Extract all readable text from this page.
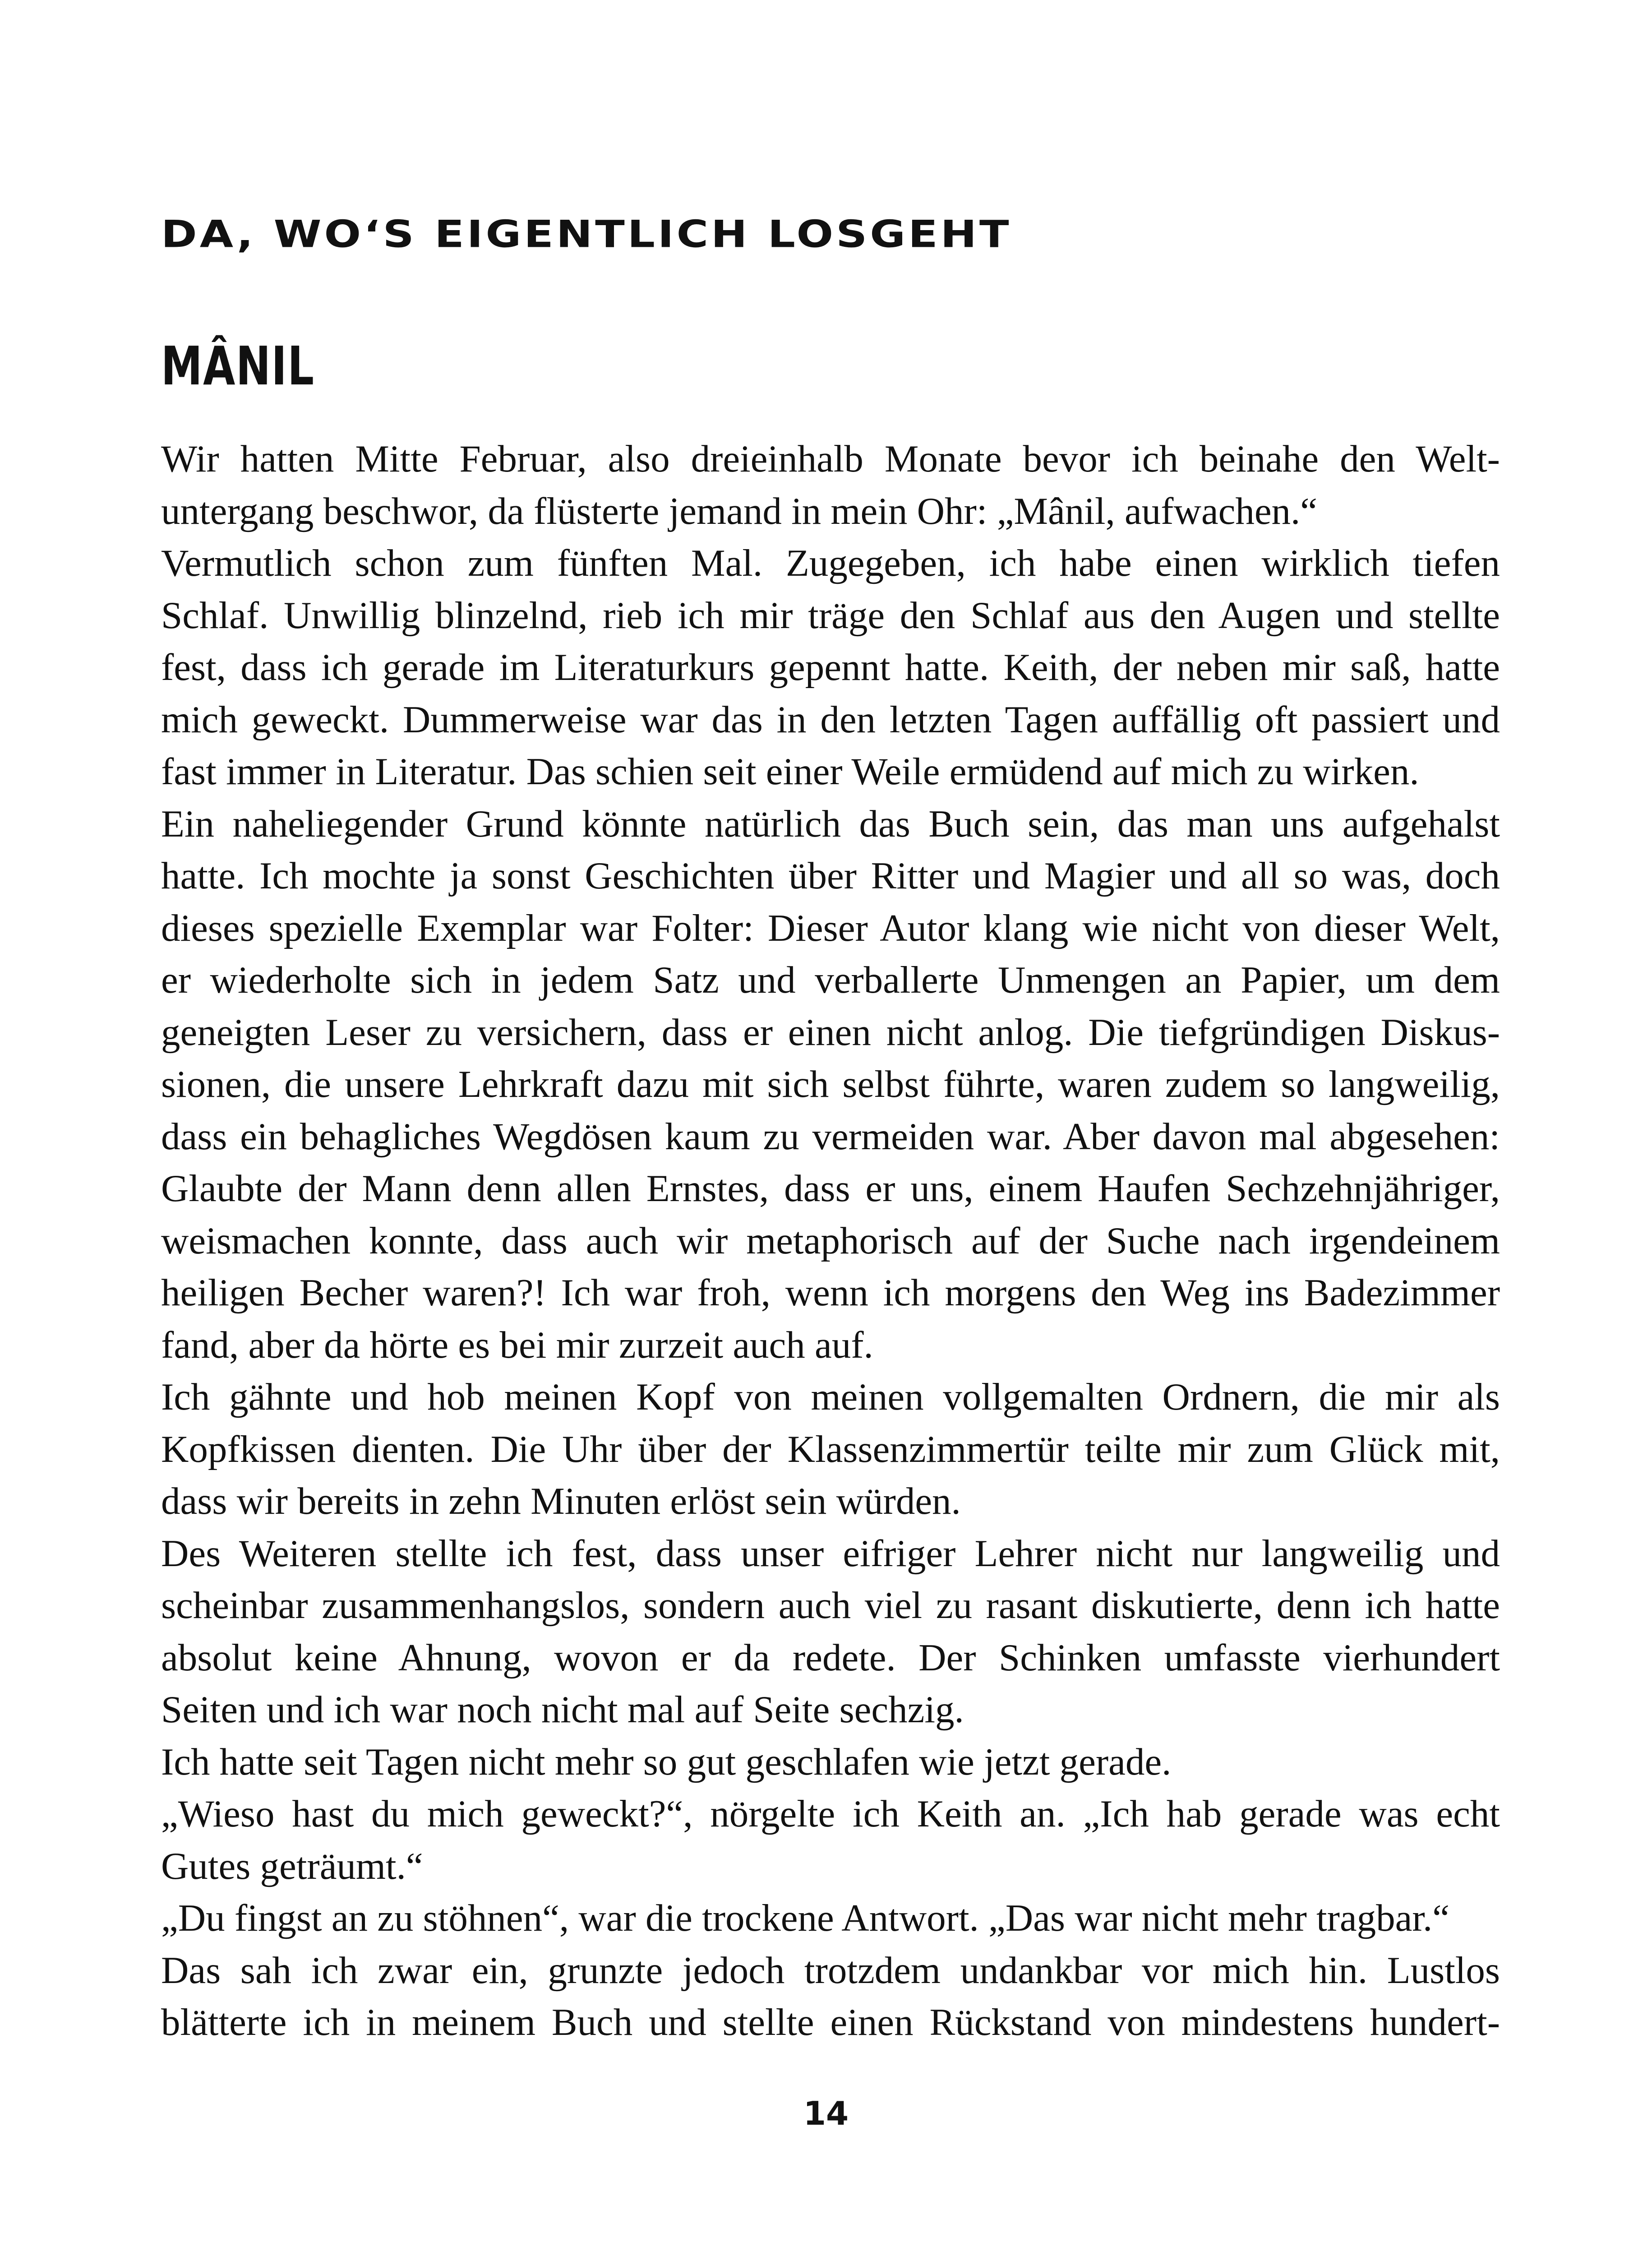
DA, WO‘S EIGENTLICH LOSGEHT
MÂNIL
Wir hatten Mitte Februar, also dreieinhalb Monate bevor ich beinahe den Welt-
untergang beschwor, da flüsterte jemand in mein Ohr: „Mânil, aufwachen.“
Vermutlich schon zum fünften Mal. Zugegeben, ich habe einen wirklich tiefen
Schlaf. Unwillig blinzelnd, rieb ich mir träge den Schlaf aus den Augen und stellte
fest, dass ich gerade im Literaturkurs gepennt hatte. Keith, der neben mir saß, hatte
mich geweckt. Dummerweise war das in den letzten Tagen auffällig oft passiert und
fast immer in Literatur. Das schien seit einer Weile ermüdend auf mich zu wirken.
Ein naheliegender Grund könnte natürlich das Buch sein, das man uns aufgehalst
hatte. Ich mochte ja sonst Geschichten über Ritter und Magier und all so was, doch
dieses spezielle Exemplar war Folter: Dieser Autor klang wie nicht von dieser Welt,
er wiederholte sich in jedem Satz und verballerte Unmengen an Papier, um dem
geneigten Leser zu versichern, dass er einen nicht anlog. Die tiefgründigen Diskus-
sionen, die unsere Lehrkraft dazu mit sich selbst führte, waren zudem so langweilig,
dass ein behagliches Wegdösen kaum zu vermeiden war. Aber davon mal abgesehen:
Glaubte der Mann denn allen Ernstes, dass er uns, einem Haufen Sechzehnjähriger,
weismachen konnte, dass auch wir metaphorisch auf der Suche nach irgendeinem
heiligen Becher waren?! Ich war froh, wenn ich morgens den Weg ins Badezimmer
fand, aber da hörte es bei mir zurzeit auch auf.
Ich gähnte und hob meinen Kopf von meinen vollgemalten Ordnern, die mir als
Kopfkissen dienten. Die Uhr über der Klassenzimmertür teilte mir zum Glück mit,
dass wir bereits in zehn Minuten erlöst sein würden.
Des Weiteren stellte ich fest, dass unser eifriger Lehrer nicht nur langweilig und
scheinbar zusammenhangslos, sondern auch viel zu rasant diskutierte, denn ich hatte
absolut keine Ahnung, wovon er da redete. Der Schinken umfasste vierhundert
Seiten und ich war noch nicht mal auf Seite sechzig.
Ich hatte seit Tagen nicht mehr so gut geschlafen wie jetzt gerade.
„Wieso hast du mich geweckt?“, nörgelte ich Keith an. „Ich hab gerade was echt
Gutes geträumt.“
„Du fingst an zu stöhnen“, war die trockene Antwort. „Das war nicht mehr tragbar.“
Das sah ich zwar ein, grunzte jedoch trotzdem undankbar vor mich hin. Lustlos
blätterte ich in meinem Buch und stellte einen Rückstand von mindestens hundert-
14
